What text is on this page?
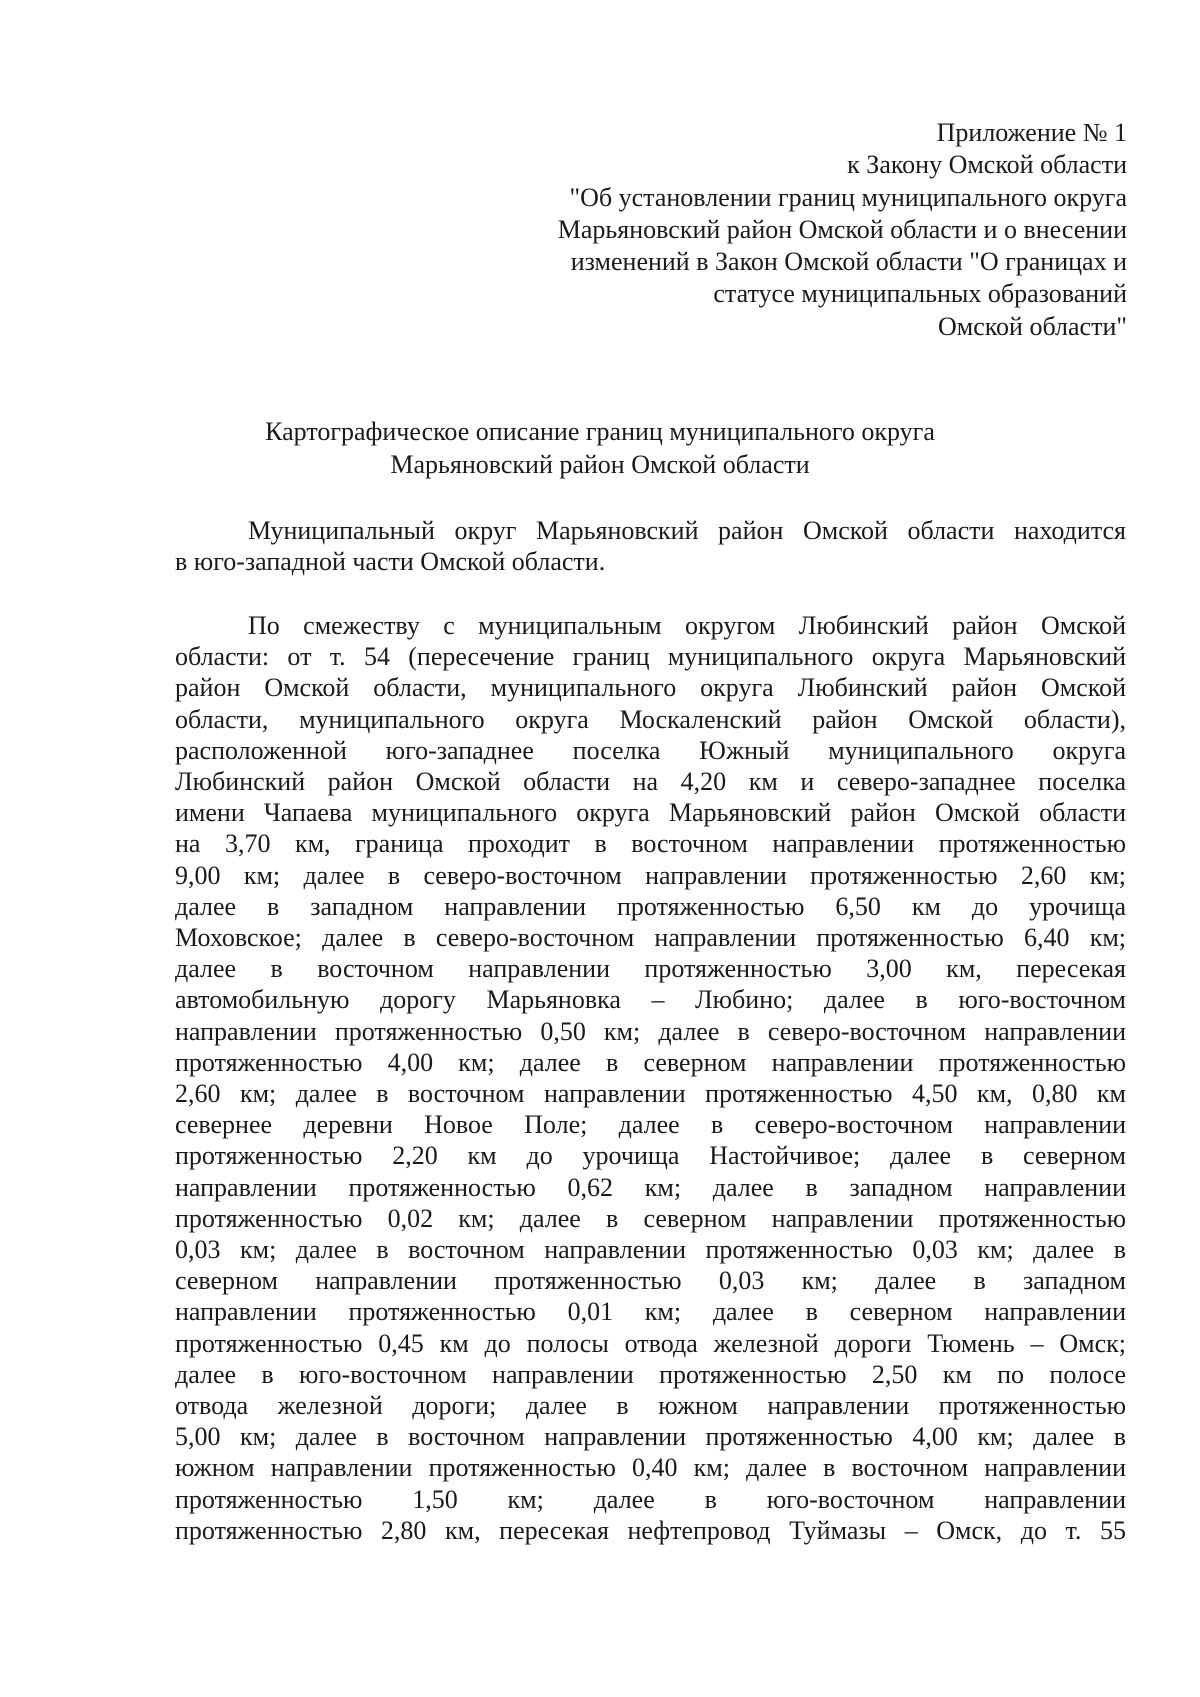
Приложение № 1
к Закону Омской области
"Об установлении границ муниципального округа
Марьяновский район Омской области и о внесении
изменений в Закон Омской области "О границах и
статусе муниципальных образований
Омской области"
Картографическое описание границ муниципального округа
Марьяновский район Омской области
Муниципальный округ Марьяновский район Омской области находится
в юго-западной части Омской области.
По смежеству с муниципальным округом Любинский район Омской
области: от т. 54 (пересечение границ муниципального округа Марьяновский
район Омской области, муниципального округа Любинский район Омской
области, муниципального округа Москаленский район Омской области),
расположенной юго-западнее поселка Южный муниципального округа
Любинский район Омской области на 4,20 км и северо-западнее поселка
имени Чапаева муниципального округа Марьяновский район Омской области
на 3,70 км, граница проходит в восточном направлении протяженностью
9,00 км; далее в северо-восточном направлении протяженностью 2,60 км;
далее в западном направлении протяженностью 6,50 км до урочища
Моховское; далее в северо-восточном направлении протяженностью 6,40 км;
далее в восточном направлении протяженностью 3,00 км, пересекая
автомобильную дорогу Марьяновка – Любино; далее в юго-восточном
направлении протяженностью 0,50 км; далее в северо-восточном направлении
протяженностью 4,00 км; далее в северном направлении протяженностью
2,60 км; далее в восточном направлении протяженностью 4,50 км, 0,80 км
севернее деревни Новое Поле; далее в северо-восточном направлении
протяженностью 2,20 км до урочища Настойчивое; далее в северном
направлении протяженностью 0,62 км; далее в западном направлении
протяженностью 0,02 км; далее в северном направлении протяженностью
0,03 км; далее в восточном направлении протяженностью 0,03 км; далее в
северном направлении протяженностью 0,03 км; далее в западном
направлении протяженностью 0,01 км; далее в северном направлении
протяженностью 0,45 км до полосы отвода железной дороги Тюмень – Омск;
далее в юго-восточном направлении протяженностью 2,50 км по полосе
отвода железной дороги; далее в южном направлении протяженностью
5,00 км; далее в восточном направлении протяженностью 4,00 км; далее в
южном направлении протяженностью 0,40 км; далее в восточном направлении
протяженностью 1,50 км; далее в юго-восточном направлении
протяженностью 2,80 км, пересекая нефтепровод Туймазы – Омск, до т. 55
